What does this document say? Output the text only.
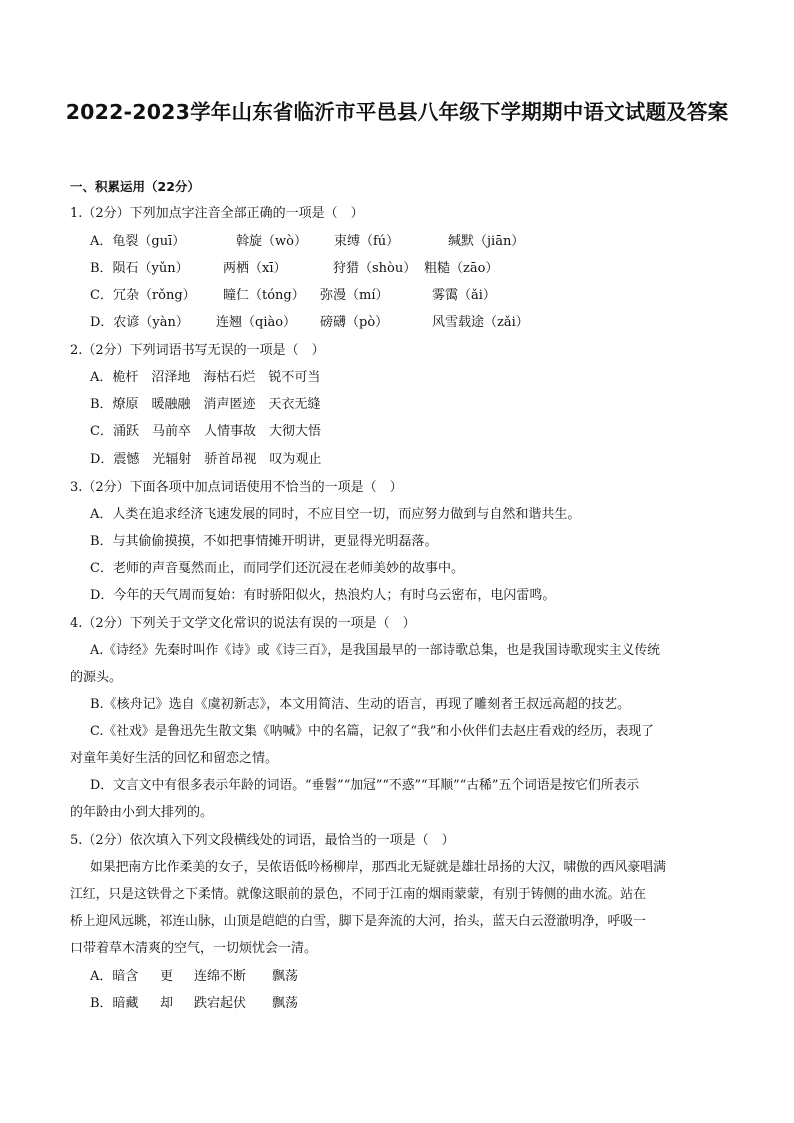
2022-2023学年山东省临沂市平邑县八年级下学期期中语文试题及答案
一、积累运用（22分）
1.（2分）下列加点字注音全部正确的一项是（　）
A．龟裂（guī）	斡旋（wò） 束缚（fú）	缄默（jiān）
B．陨石（yǔn）	两栖（xī）	狩猎（shòu） 粗糙（zāo）
C．冗杂（rǒng） 瞳仁（tóng） 弥漫（mí）	雾霭（ǎi）
D．农谚（yàn） 连翘（qiào） 磅礴（pò）	风雪载途（zǎi）
2.（2分）下列词语书写无误的一项是（　）
A．桅杆　沼泽地　海枯石烂　锐不可当
B．燎原　暖融融　消声匿迹　天衣无缝
C．涌跃　马前卒　人情事故　大彻大悟
D．震憾　光辐射　骄首昂视　叹为观止
3.（2分）下面各项中加点词语使用不恰当的一项是（　）
A．人类在追求经济飞速发展的同时，不应目空一切，而应努力做到与自然和谐共生。
B．与其偷偷摸摸，不如把事情摊开明讲，更显得光明磊落。
C．老师的声音戛然而止，而同学们还沉浸在老师美妙的故事中。
D．今年的天气周而复始：有时骄阳似火，热浪灼人；有时乌云密布，电闪雷鸣。
4.（2分）下列关于文学文化常识的说法有误的一项是（　）
A.《诗经》先秦时叫作《诗》或《诗三百》，是我国最早的一部诗歌总集，也是我国诗歌现实主义传统
的源头。
B.《核舟记》选自《虞初新志》，本文用简洁、生动的语言，再现了雕刻者王叔远高超的技艺。
C.《社戏》是鲁迅先生散文集《呐喊》中的名篇，记叙了“我”和小伙伴们去赵庄看戏的经历，表现了
对童年美好生活的回忆和留恋之情。
D．文言文中有很多表示年龄的词语。“垂髫”“加冠”“不惑”“耳顺”“古稀”五个词语是按它们所表示
的年龄由小到大排列的。
5.（2分）依次填入下列文段横线处的词语，最恰当的一项是（　）
如果把南方比作柔美的女子，吴侬语低吟杨柳岸，那西北无疑就是雄壮昂扬的大汉，啸傲的西风豪唱满
江红，只是这铁骨之下柔情。就像这眼前的景色，不同于江南的烟雨蒙蒙，有别于铸侧的曲水流。站在
桥上迎风远眺，祁连山脉，山顶是皑皑的白雪，脚下是奔流的大河，抬头，蓝天白云澄澈明净，呼吸一
口带着草木清爽的空气，一切烦忧会一清。
A．暗含 更 连绵不断 飘荡
B．暗藏 却 跌宕起伏 飘荡
